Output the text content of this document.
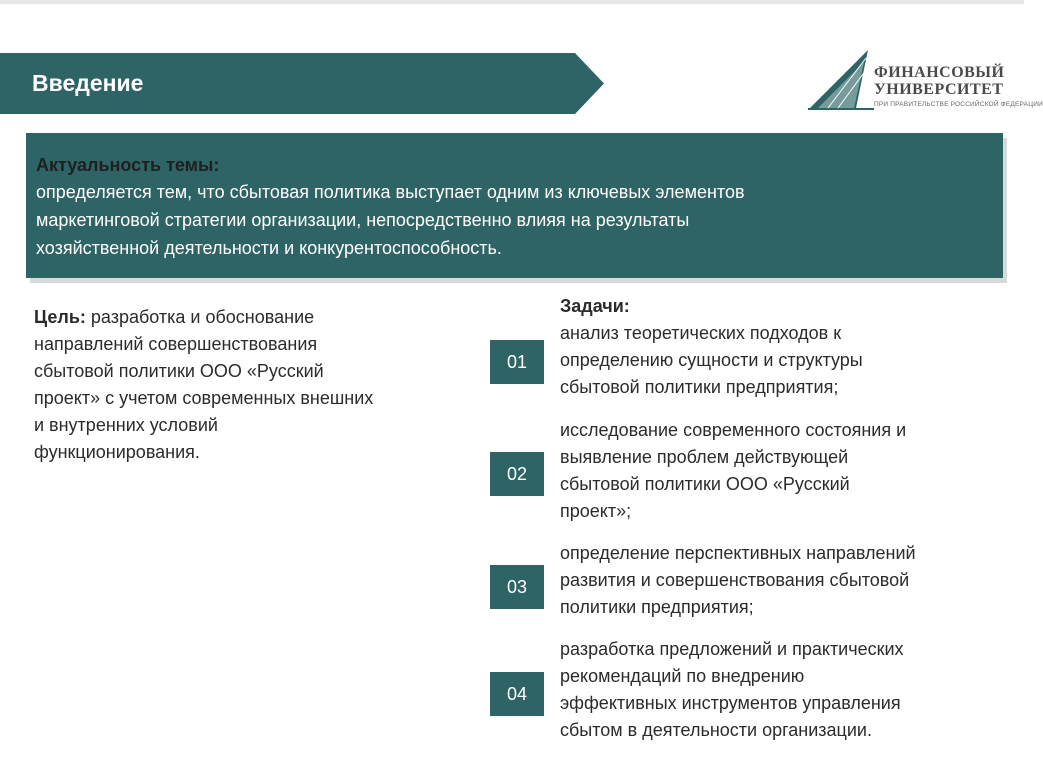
Введение	ФИНАНСОВЫЙ
УНИВЕРСИТЕТ
ПРИ ПРАВИТЕЛЬСТВЕ РОССИЙСКОЙ ФЕДЕРАЦИИ
Актуальность темы:
определяется тем, что сбытовая политика выступает одним из ключевых элементов
маркетинговой стратегии организации, непосредственно влияя на результаты
хозяйственной деятельности и конкурентоспособность.
Цель: разработка и обоснование
направлений совершенствования
сбытовой политики ООО «Русский
проект» с учетом современных внешних
и внутренних условий
функционирования.
Задачи:
01
анализ теоретических подходов к
определению сущности и структуры
сбытовой политики предприятия;
02
исследование современного состояния и
выявление проблем действующей
сбытовой политики ООО «Русский
проект»;
03
определение перспективных направлений
развития и совершенствования сбытовой
политики предприятия;
04
разработка предложений и практических
рекомендаций по внедрению
эффективных инструментов управления
сбытом в деятельности организации.
